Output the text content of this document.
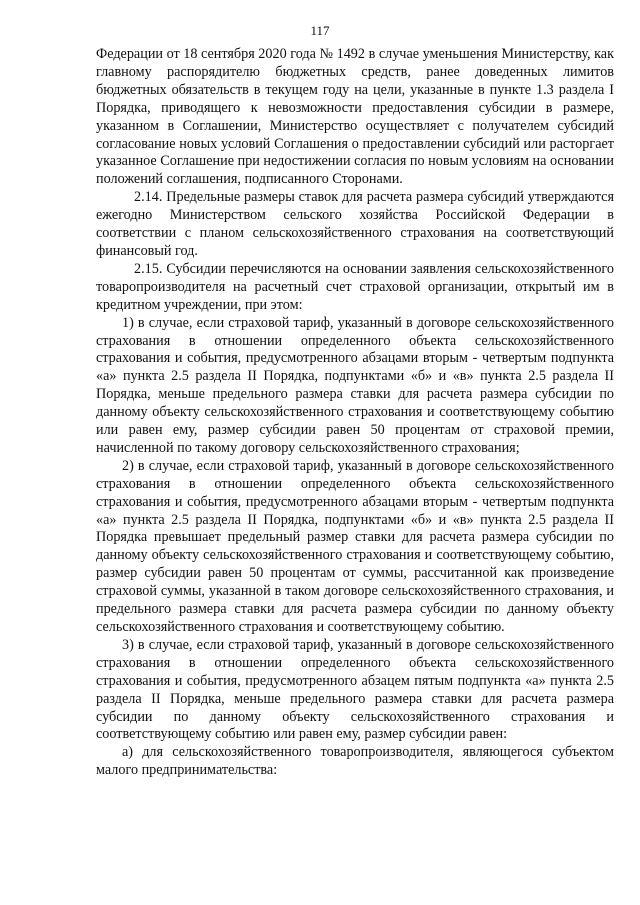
117

Федерации от 18 сентября 2020 года № 1492 в случае уменьшения Министерству, как главному распорядителю бюджетных средств, ранее доведенных лимитов бюджетных обязательств в текущем году на цели, указанные в пункте 1.3 раздела I Порядка, приводящего к невозможности предоставления субсидии в размере, указанном в Соглашении, Министерство осуществляет с получателем субсидий согласование новых условий Соглашения о предоставлении субсидий или расторгает указанное Соглашение при недостижении согласия по новым условиям на основании положений соглашения, подписанного Сторонами.

2.14. Предельные размеры ставок для расчета размера субсидий утверждаются ежегодно Министерством сельского хозяйства Российской Федерации в соответствии с планом сельскохозяйственного страхования на соответствующий финансовый год.

2.15. Субсидии перечисляются на основании заявления сельскохозяйственного товаропроизводителя на расчетный счет страховой организации, открытый им в кредитном учреждении, при этом:

1) в случае, если страховой тариф, указанный в договоре сельскохозяйственного страхования в отношении определенного объекта сельскохозяйственного страхования и события, предусмотренного абзацами вторым - четвертым подпункта «а» пункта 2.5 раздела II Порядка, подпунктами «б» и «в» пункта 2.5 раздела II Порядка, меньше предельного размера ставки для расчета размера субсидии по данному объекту сельскохозяйственного страхования и соответствующему событию или равен ему, размер субсидии равен 50 процентам от страховой премии, начисленной по такому договору сельскохозяйственного страхования;

2) в случае, если страховой тариф, указанный в договоре сельскохозяйственного страхования в отношении определенного объекта сельскохозяйственного страхования и события, предусмотренного абзацами вторым - четвертым подпункта «а» пункта 2.5 раздела II Порядка, подпунктами «б» и «в» пункта 2.5 раздела II Порядка превышает предельный размер ставки для расчета размера субсидии по данному объекту сельскохозяйственного страхования и соответствующему событию, размер субсидии равен 50 процентам от суммы, рассчитанной как произведение страховой суммы, указанной в таком договоре сельскохозяйственного страхования, и предельного размера ставки для расчета размера субсидии по данному объекту сельскохозяйственного страхования и соответствующему событию.

3) в случае, если страховой тариф, указанный в договоре сельскохозяйственного страхования в отношении определенного объекта сельскохозяйственного страхования и события, предусмотренного абзацем пятым подпункта «а» пункта 2.5 раздела II Порядка, меньше предельного размера ставки для расчета размера субсидии по данному объекту сельскохозяйственного страхования и соответствующему событию или равен ему, размер субсидии равен:

а) для сельскохозяйственного товаропроизводителя, являющегося субъектом малого предпринимательства:
